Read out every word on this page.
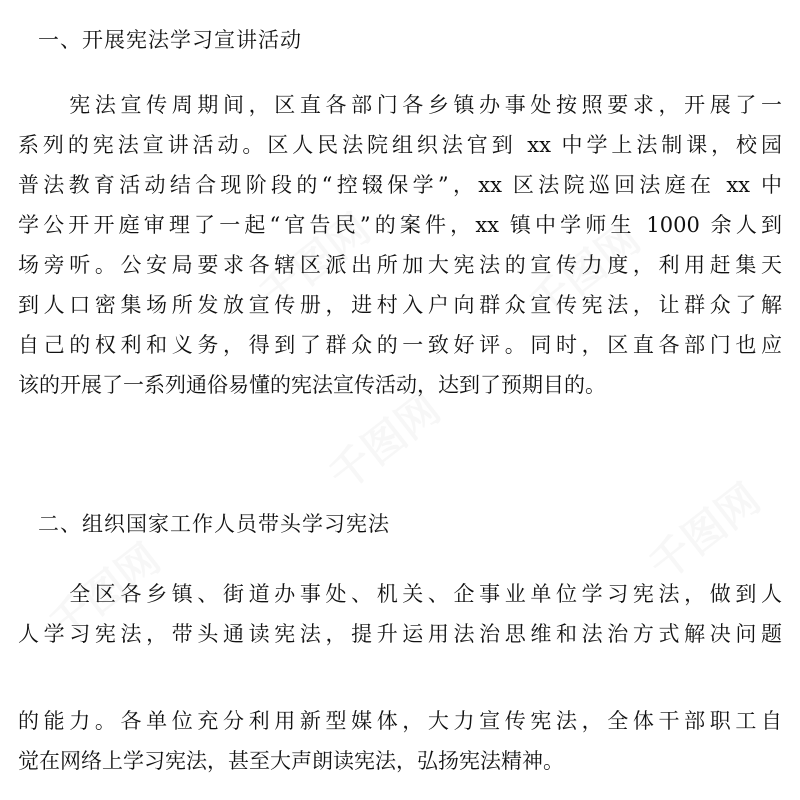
千图网	千图网
千图网
千图网
千图网
一、开展宪法学习宣讲活动
　　宪法宣传周期间，区直各部门各乡镇办事处按照要求，开展了一
系列的宪法宣讲活动。区人民法院组织法官到 xx 中学上法制课，校园
普法教育活动结合现阶段的“控辍保学”，xx 区法院巡回法庭在 xx 中
学公开开庭审理了一起“官告民”的案件，xx 镇中学师生 1000 余人到
场旁听。公安局要求各辖区派出所加大宪法的宣传力度，利用赶集天
到人口密集场所发放宣传册，进村入户向群众宣传宪法，让群众了解
自己的权利和义务，得到了群众的一致好评。同时，区直各部门也应
该的开展了一系列通俗易懂的宪法宣传活动，达到了预期目的。
二、组织国家工作人员带头学习宪法
　　全区各乡镇、街道办事处、机关、企事业单位学习宪法，做到人
人学习宪法，带头通读宪法，提升运用法治思维和法治方式解决问题
的能力。各单位充分利用新型媒体，大力宣传宪法，全体干部职工自
觉在网络上学习宪法，甚至大声朗读宪法，弘扬宪法精神。
